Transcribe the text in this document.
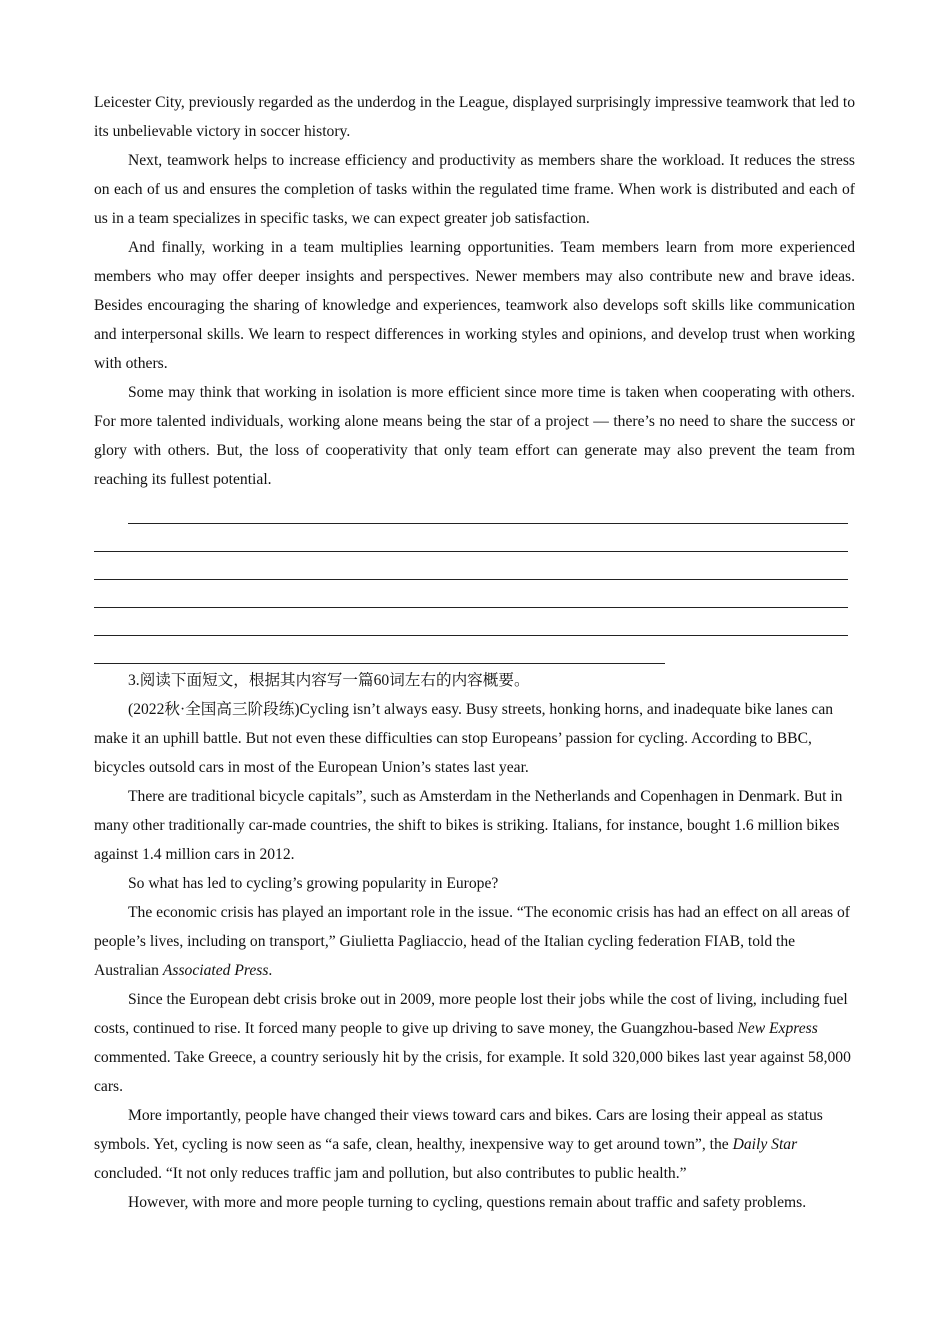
Leicester City, previously regarded as the underdog in the League, displayed surprisingly impressive teamwork that led to its unbelievable victory in soccer history.

Next, teamwork helps to increase efficiency and productivity as members share the workload. It reduces the stress on each of us and ensures the completion of tasks within the regulated time frame. When work is distributed and each of us in a team specializes in specific tasks, we can expect greater job satisfaction.

And finally, working in a team multiplies learning opportunities. Team members learn from more experienced members who may offer deeper insights and perspectives. Newer members may also contribute new and brave ideas. Besides encouraging the sharing of knowledge and experiences, teamwork also develops soft skills like communication and interpersonal skills. We learn to respect differences in working styles and opinions, and develop trust when working with others.

Some may think that working in isolation is more efficient since more time is taken when cooperating with others. For more talented individuals, working alone means being the star of a project — there’s no need to share the success or glory with others. But, the loss of cooperativity that only team effort can generate may also prevent the team from reaching its fullest potential.

3.阅读下面短文，根据其内容写一篇60词左右的内容概要。

(2022秋·全国高三阶段练)Cycling isn’t always easy. Busy streets, honking horns, and inadequate bike lanes can make it an uphill battle. But not even these difficulties can stop Europeans’ passion for cycling. According to BBC, bicycles outsold cars in most of the European Union’s states last year.

There are traditional bicycle capitals”, such as Amsterdam in the Netherlands and Copenhagen in Denmark. But in many other traditionally car-made countries, the shift to bikes is striking. Italians, for instance, bought 1.6 million bikes against 1.4 million cars in 2012.

So what has led to cycling’s growing popularity in Europe?

The economic crisis has played an important role in the issue. “The economic crisis has had an effect on all areas of people’s lives, including on transport,” Giulietta Pagliaccio, head of the Italian cycling federation FIAB, told the Australian Associated Press.

Since the European debt crisis broke out in 2009, more people lost their jobs while the cost of living, including fuel costs, continued to rise. It forced many people to give up driving to save money, the Guangzhou-based New Express commented. Take Greece, a country seriously hit by the crisis, for example. It sold 320,000 bikes last year against 58,000 cars.

More importantly, people have changed their views toward cars and bikes. Cars are losing their appeal as status symbols. Yet, cycling is now seen as “a safe, clean, healthy, inexpensive way to get around town”, the Daily Star concluded. “It not only reduces traffic jam and pollution, but also contributes to public health.”

However, with more and more people turning to cycling, questions remain about traffic and safety problems.
